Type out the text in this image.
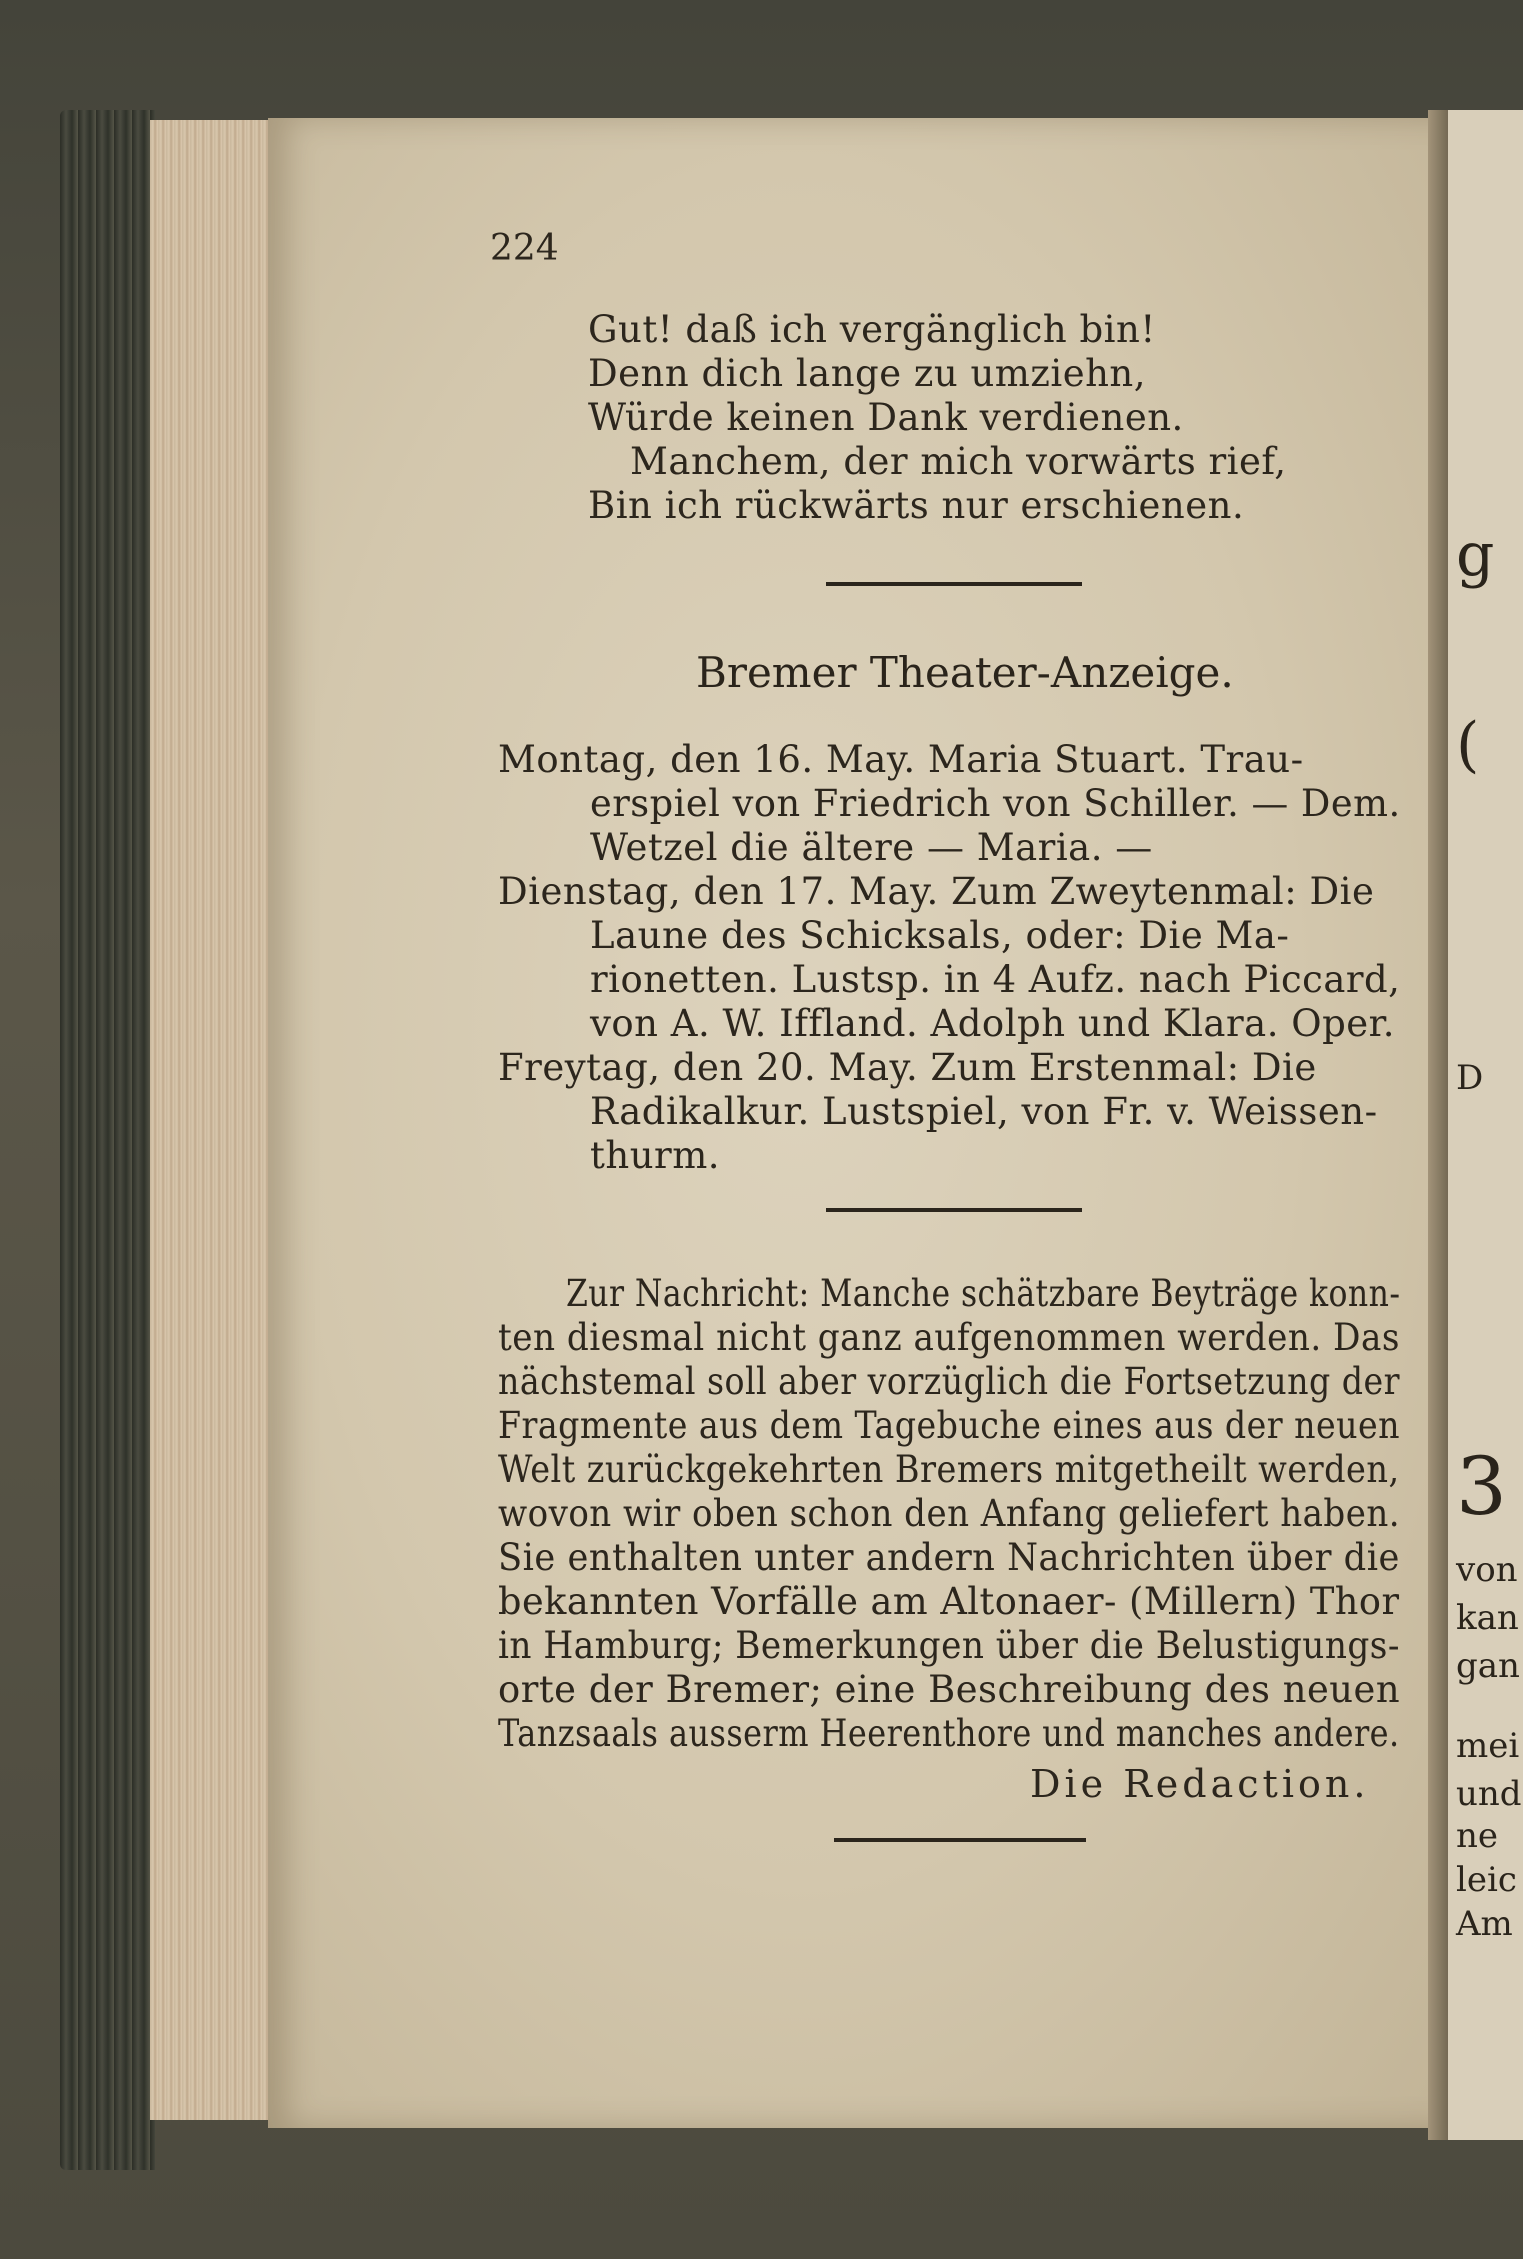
g
(
D
3
von
kan
gan
mei
und
ne
leic
Am
224
Gut! daß ich vergänglich bin!
Denn dich lange zu umziehn,
Würde keinen Dank verdienen.
Manchem, der mich vorwärts rief,
Bin ich rückwärts nur erschienen.
Bremer Theater-Anzeige.
Montag, den 16. May. Maria Stuart. Trau-
erspiel von Friedrich von Schiller. — Dem.
Wetzel die ältere — Maria. —
Dienstag, den 17. May. Zum Zweytenmal: Die
Laune des Schicksals, oder: Die Ma-
rionetten. Lustsp. in 4 Aufz. nach Piccard,
von A. W. Iffland. Adolph und Klara. Oper.
Freytag, den 20. May. Zum Erstenmal: Die
Radikalkur. Lustspiel, von Fr. v. Weissen-
thurm.
Zur Nachricht: Manche schätzbare Beyträge konn-
ten diesmal nicht ganz aufgenommen werden. Das
nächstemal soll aber vorzüglich die Fortsetzung der
Fragmente aus dem Tagebuche eines aus der neuen
Welt zurückgekehrten Bremers mitgetheilt werden,
wovon wir oben schon den Anfang geliefert haben.
Sie enthalten unter andern Nachrichten über die
bekannten Vorfälle am Altonaer- (Millern) Thor
in Hamburg; Bemerkungen über die Belustigungs-
orte der Bremer; eine Beschreibung des neuen
Tanzsaals ausserm Heerenthore und manches andere.
Die Redaction.
